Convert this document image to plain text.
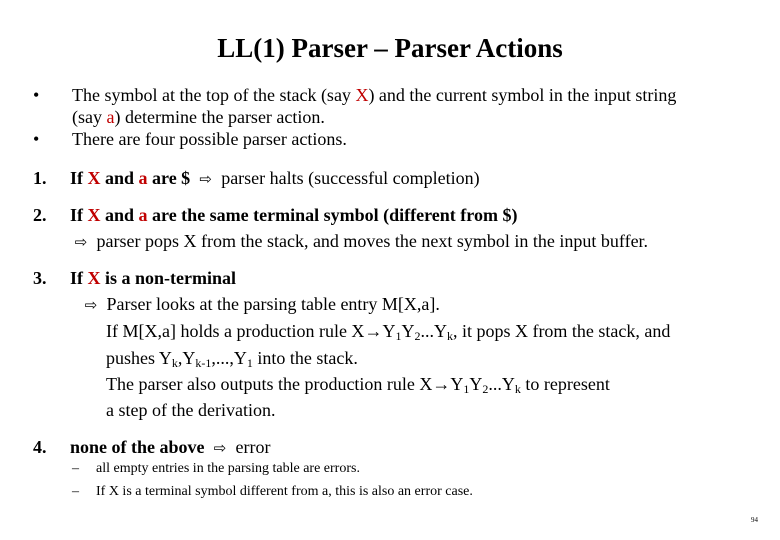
LL(1) Parser – Parser Actions
• The symbol at the top of the stack (say X) and the current symbol in the input string
(say a) determine the parser action.
• There are four possible parser actions.
1. If X and a are $ ⇨ parser halts (successful completion)
2. If X and a are the same terminal symbol (different from $)
⇨ parser pops X from the stack, and moves the next symbol in the input buffer.
3. If X is a non-terminal
⇨ Parser looks at the parsing table entry M[X,a].
If M[X,a] holds a production rule $X\to Y_1Y_2...Y_k$, it pops X from the stack, and
pushes $Y_k,Y_{k-1},...,Y_1$ into the stack.
The parser also outputs the production rule $X\to Y_1Y_2...Y_k$ to represent
a step of the derivation.
4. none of the above ⇨ error
– all empty entries in the parsing table are errors.
– If X is a terminal symbol different from a, this is also an error case.
94
